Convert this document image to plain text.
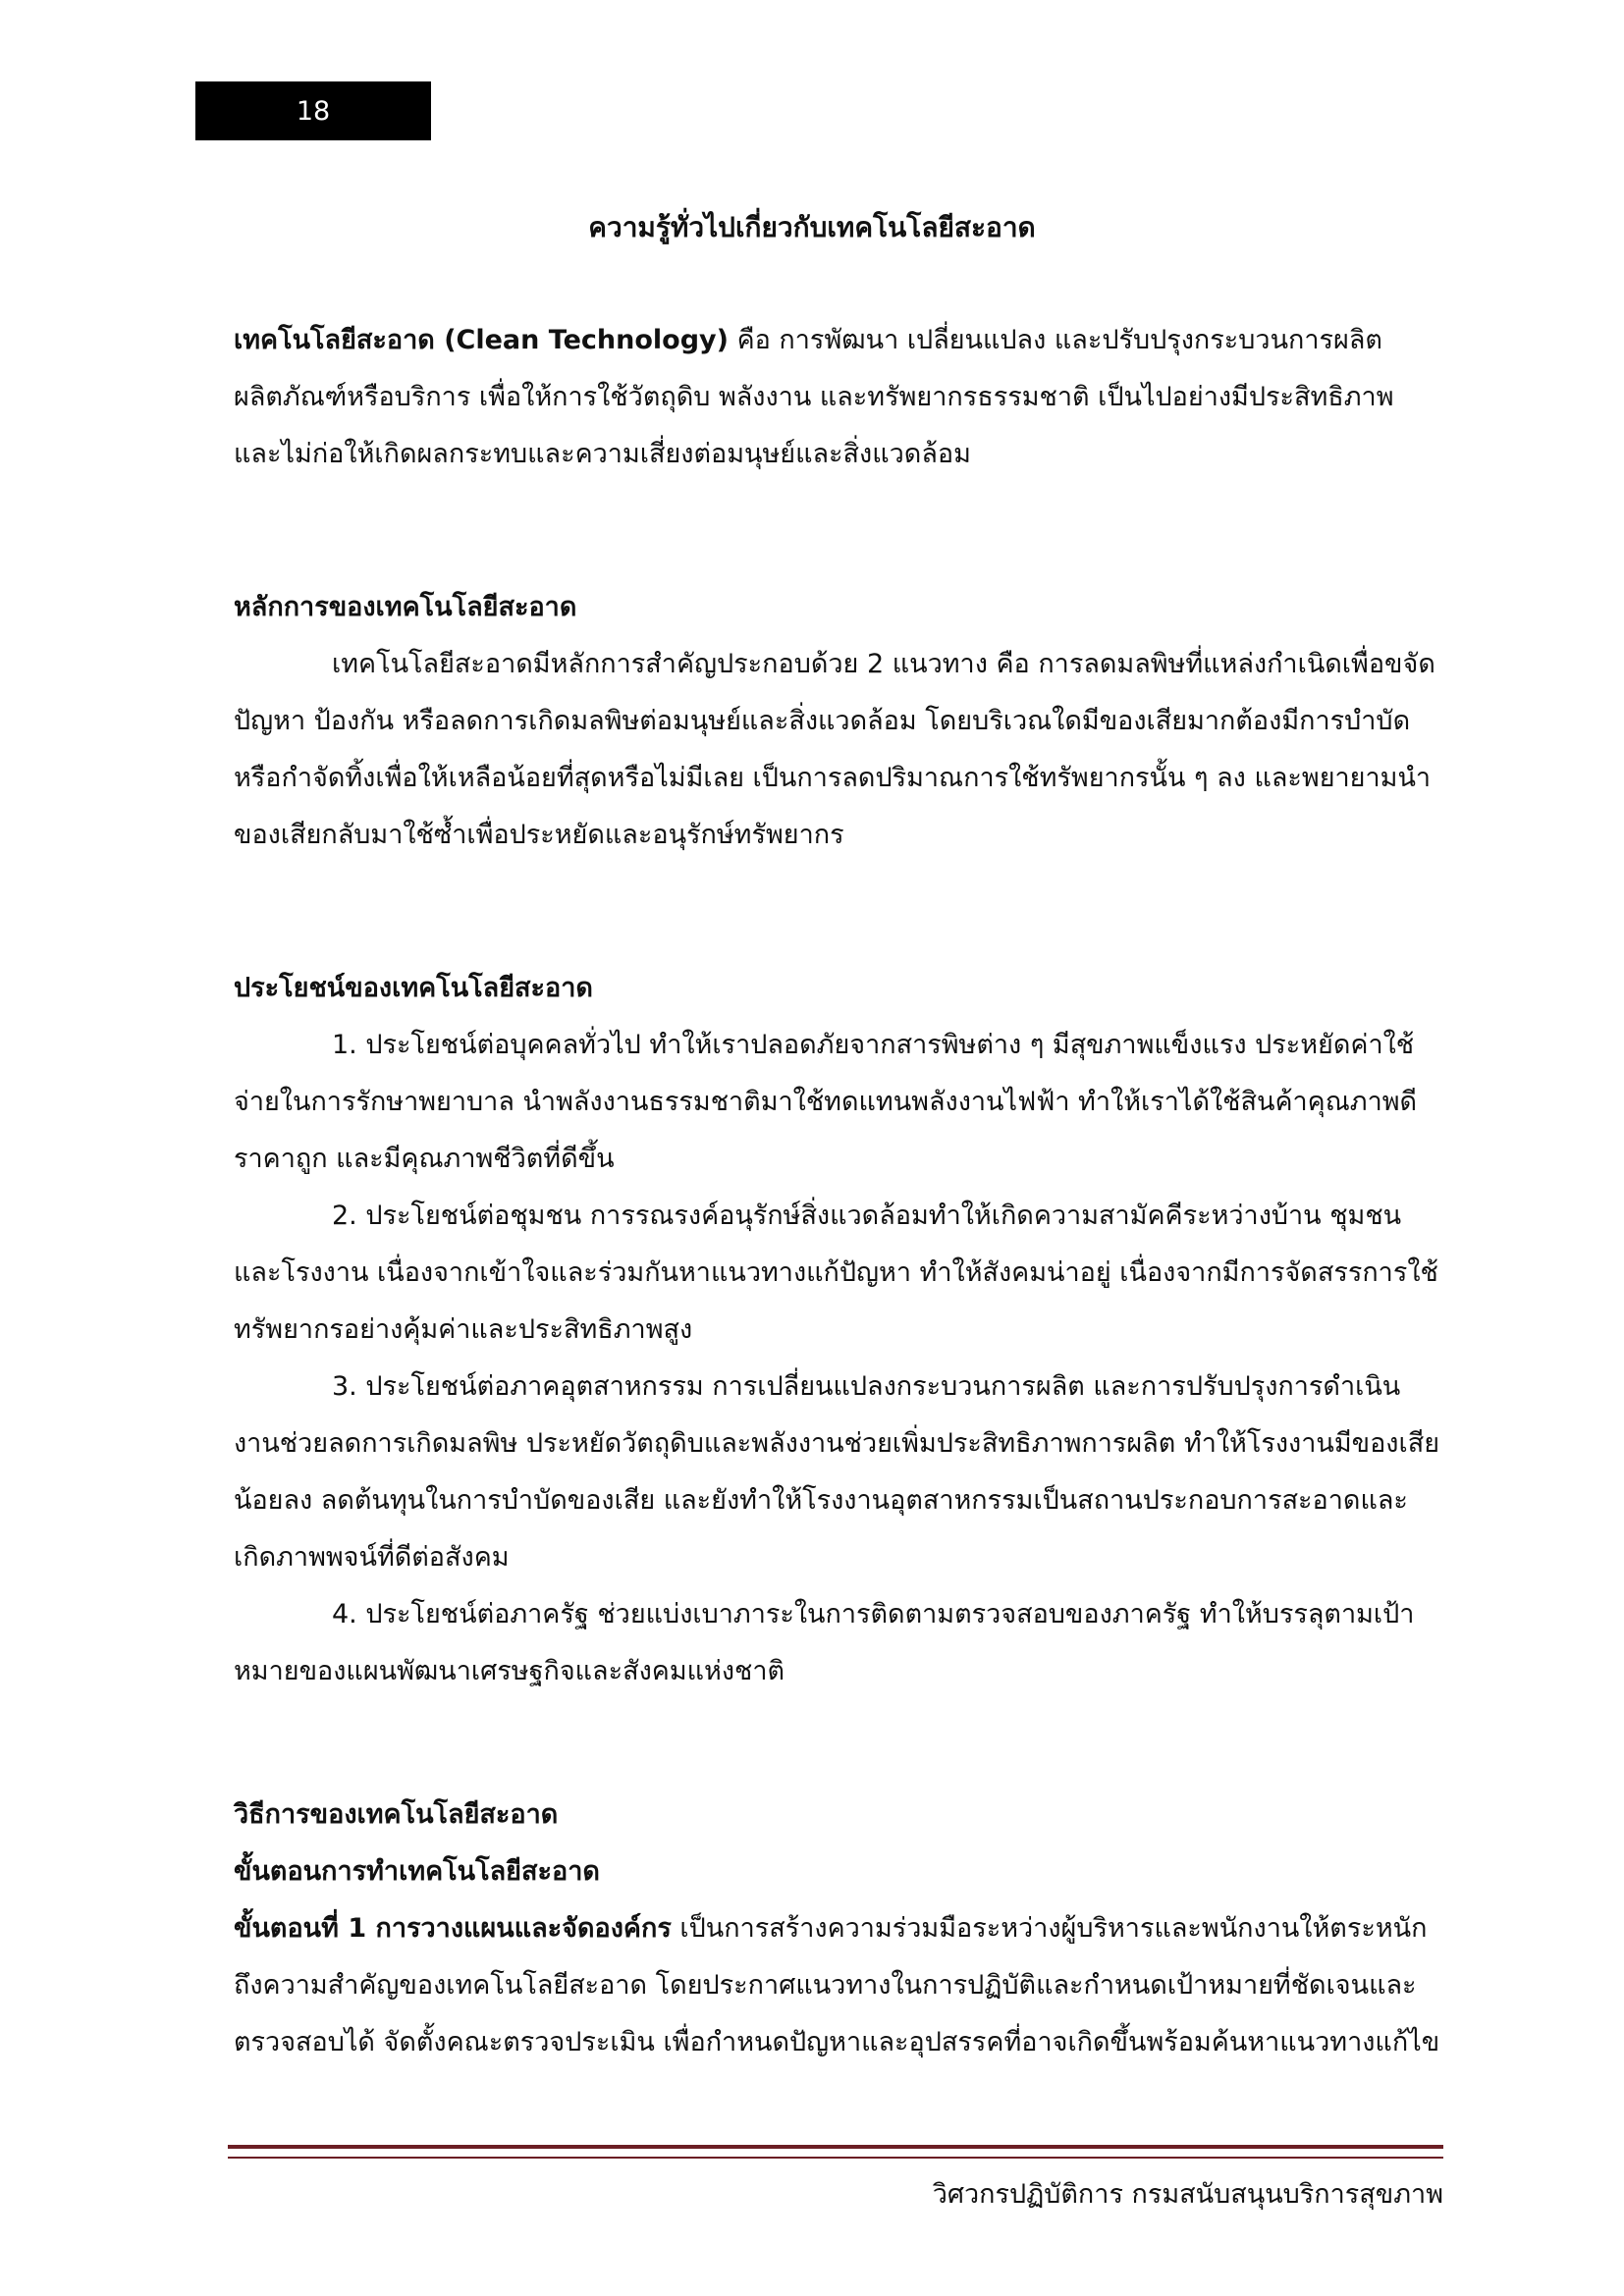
18
ความรู้ทั่วไปเกี่ยวกับเทคโนโลยีสะอาด

เทคโนโลยีสะอาด (Clean Technology) คือ การพัฒนา เปลี่ยนแปลง และปรับปรุงกระบวนการผลิต ผลิตภัณฑ์หรือบริการ เพื่อให้การใช้วัตถุดิบ พลังงาน และทรัพยากรธรรมชาติ เป็นไปอย่างมีประสิทธิภาพ และไม่ก่อให้เกิดผลกระทบและความเสี่ยงต่อมนุษย์และสิ่งแวดล้อม

หลักการของเทคโนโลยีสะอาด

เทคโนโลยีสะอาดมีหลักการสำคัญประกอบด้วย 2 แนวทาง คือ การลดมลพิษที่แหล่งกำเนิดเพื่อขจัดปัญหา ป้องกัน หรือลดการเกิดมลพิษต่อมนุษย์และสิ่งแวดล้อม โดยบริเวณใดมีของเสียมากต้องมีการบำบัดหรือกำจัดทิ้งเพื่อให้เหลือน้อยที่สุดหรือไม่มีเลย เป็นการลดปริมาณการใช้ทรัพยากรนั้น ๆ ลง และพยายามนำของเสียกลับมาใช้ซ้ำเพื่อประหยัดและอนุรักษ์ทรัพยากร

ประโยชน์ของเทคโนโลยีสะอาด

1. ประโยชน์ต่อบุคคลทั่วไป ทำให้เราปลอดภัยจากสารพิษต่าง ๆ มีสุขภาพแข็งแรง ประหยัดค่าใช้จ่ายในการรักษาพยาบาล นำพลังงานธรรมชาติมาใช้ทดแทนพลังงานไฟฟ้า ทำให้เราได้ใช้สินค้าคุณภาพดี ราคาถูก และมีคุณภาพชีวิตที่ดีขึ้น

2. ประโยชน์ต่อชุมชน การรณรงค์อนุรักษ์สิ่งแวดล้อมทำให้เกิดความสามัคคีระหว่างบ้าน ชุมชน และโรงงาน เนื่องจากเข้าใจและร่วมกันหาแนวทางแก้ปัญหา ทำให้สังคมน่าอยู่ เนื่องจากมีการจัดสรรการใช้ทรัพยากรอย่างคุ้มค่าและประสิทธิภาพสูง

3. ประโยชน์ต่อภาคอุตสาหกรรม การเปลี่ยนแปลงกระบวนการผลิต และการปรับปรุงการดำเนินงานช่วยลดการเกิดมลพิษ ประหยัดวัตถุดิบและพลังงานช่วยเพิ่มประสิทธิภาพการผลิต ทำให้โรงงานมีของเสียน้อยลง ลดต้นทุนในการบำบัดของเสีย และยังทำให้โรงงานอุตสาหกรรมเป็นสถานประกอบการสะอาดและเกิดภาพพจน์ที่ดีต่อสังคม

4. ประโยชน์ต่อภาครัฐ ช่วยแบ่งเบาภาระในการติดตามตรวจสอบของภาครัฐ ทำให้บรรลุตามเป้าหมายของแผนพัฒนาเศรษฐกิจและสังคมแห่งชาติ

วิธีการของเทคโนโลยีสะอาด

ขั้นตอนการทำเทคโนโลยีสะอาด

ขั้นตอนที่ 1 การวางแผนและจัดองค์กร เป็นการสร้างความร่วมมือระหว่างผู้บริหารและพนักงานให้ตระหนักถึงความสำคัญของเทคโนโลยีสะอาด โดยประกาศแนวทางในการปฏิบัติและกำหนดเป้าหมายที่ชัดเจนและตรวจสอบได้ จัดตั้งคณะตรวจประเมิน เพื่อกำหนดปัญหาและอุปสรรคที่อาจเกิดขึ้นพร้อมค้นหาแนวทางแก้ไข

วิศวกรปฏิบัติการ กรมสนับสนุนบริการสุขภาพ
